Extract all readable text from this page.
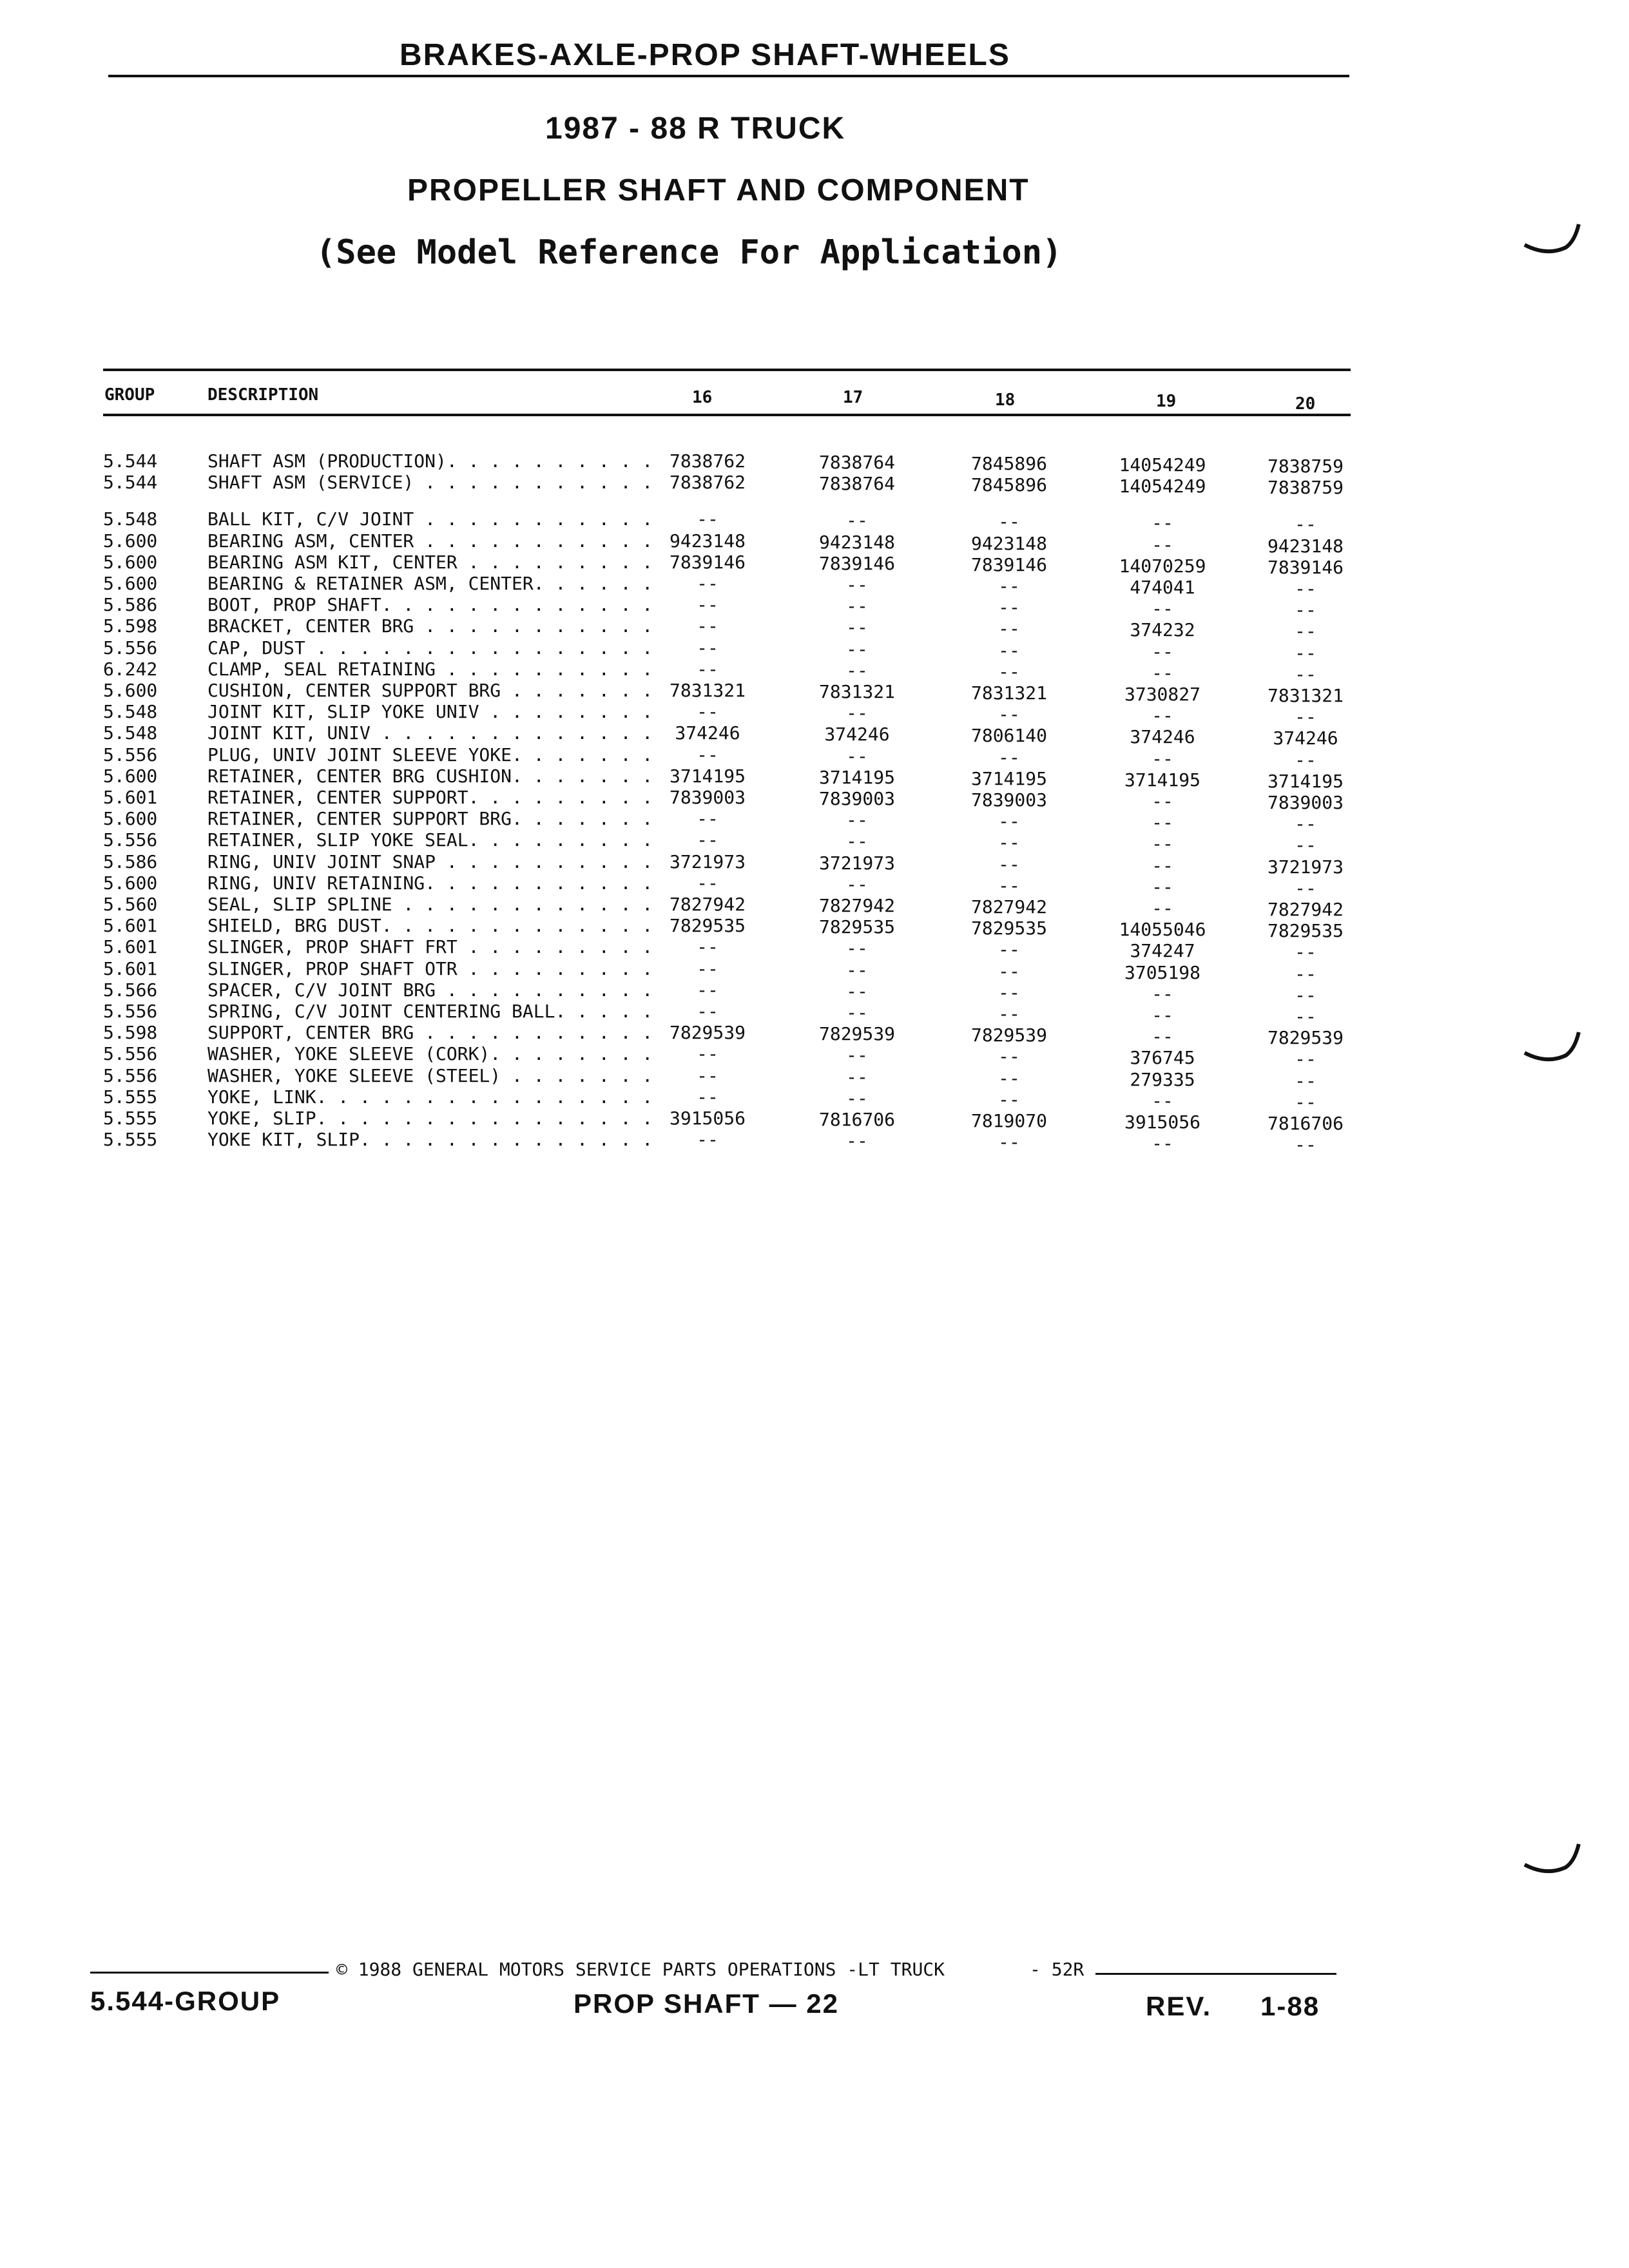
BRAKES-AXLE-PROP SHAFT-WHEELS
1987 - 88 R TRUCK
PROPELLER SHAFT AND COMPONENT
(See Model Reference For Application)
GROUP	DESCRIPTION	16	17	18	19	20
5.544	SHAFT ASM (PRODUCTION) . . .	7838762	7838764	7845896	14054249	7838759
5.544	SHAFT ASM (SERVICE) . . .	7838762	7838764	7845896	14054249	7838759
5.548	BALL KIT, C/V JOINT . . .	--	--	--	--	--
5.600	BEARING ASM, CENTER . . .	9423148	9423148	9423148	--	9423148
5.600	BEARING ASM KIT, CENTER . . .	7839146	7839146	7839146	14070259	7839146
5.600	BEARING & RETAINER ASM, CENTER . . .	--	--	--	474041	--
5.586	BOOT, PROP SHAFT . . .	--	--	--	--	--
5.598	BRACKET, CENTER BRG . . .	--	--	--	374232	--
5.556	CAP, DUST . . .	--	--	--	--	--
6.242	CLAMP, SEAL RETAINING . . .	--	--	--	--	--
5.600	CUSHION, CENTER SUPPORT BRG . . .	7831321	7831321	7831321	3730827	7831321
5.548	JOINT KIT, SLIP YOKE UNIV . . .	--	--	--	--	--
5.548	JOINT KIT, UNIV . . .	374246	374246	7806140	374246	374246
5.556	PLUG, UNIV JOINT SLEEVE YOKE . . .	--	--	--	--	--
5.600	RETAINER, CENTER BRG CUSHION . . .	3714195	3714195	3714195	3714195	3714195
5.601	RETAINER, CENTER SUPPORT . . .	7839003	7839003	7839003	--	7839003
5.600	RETAINER, CENTER SUPPORT BRG . . .	--	--	--	--	--
5.556	RETAINER, SLIP YOKE SEAL . . .	--	--	--	--	--
5.586	RING, UNIV JOINT SNAP . . .	3721973	3721973	--	--	3721973
5.600	RING, UNIV RETAINING . . .	--	--	--	--	--
5.560	SEAL, SLIP SPLINE . . .	7827942	7827942	7827942	--	7827942
5.601	SHIELD, BRG DUST . . .	7829535	7829535	7829535	14055046	7829535
5.601	SLINGER, PROP SHAFT FRT . . .	--	--	--	374247	--
5.601	SLINGER, PROP SHAFT OTR . . .	--	--	--	3705198	--
5.566	SPACER, C/V JOINT BRG . . .	--	--	--	--	--
5.556	SPRING, C/V JOINT CENTERING BALL . . .	--	--	--	--	--
5.598	SUPPORT, CENTER BRG . . .	7829539	7829539	7829539	--	7829539
5.556	WASHER, YOKE SLEEVE (CORK) . . .	--	--	--	376745	--
5.556	WASHER, YOKE SLEEVE (STEEL) . . .	--	--	--	279335	--
5.555	YOKE, LINK . . .	--	--	--	--	--
5.555	YOKE, SLIP . . .	3915056	7816706	7819070	3915056	7816706
5.555	YOKE KIT, SLIP . . .	--	--	--	--	--
© 1988 GENERAL MOTORS SERVICE PARTS OPERATIONS -LT TRUCK	- 52R
5.544-GROUP	PROP SHAFT — 22	REV. 1-88
